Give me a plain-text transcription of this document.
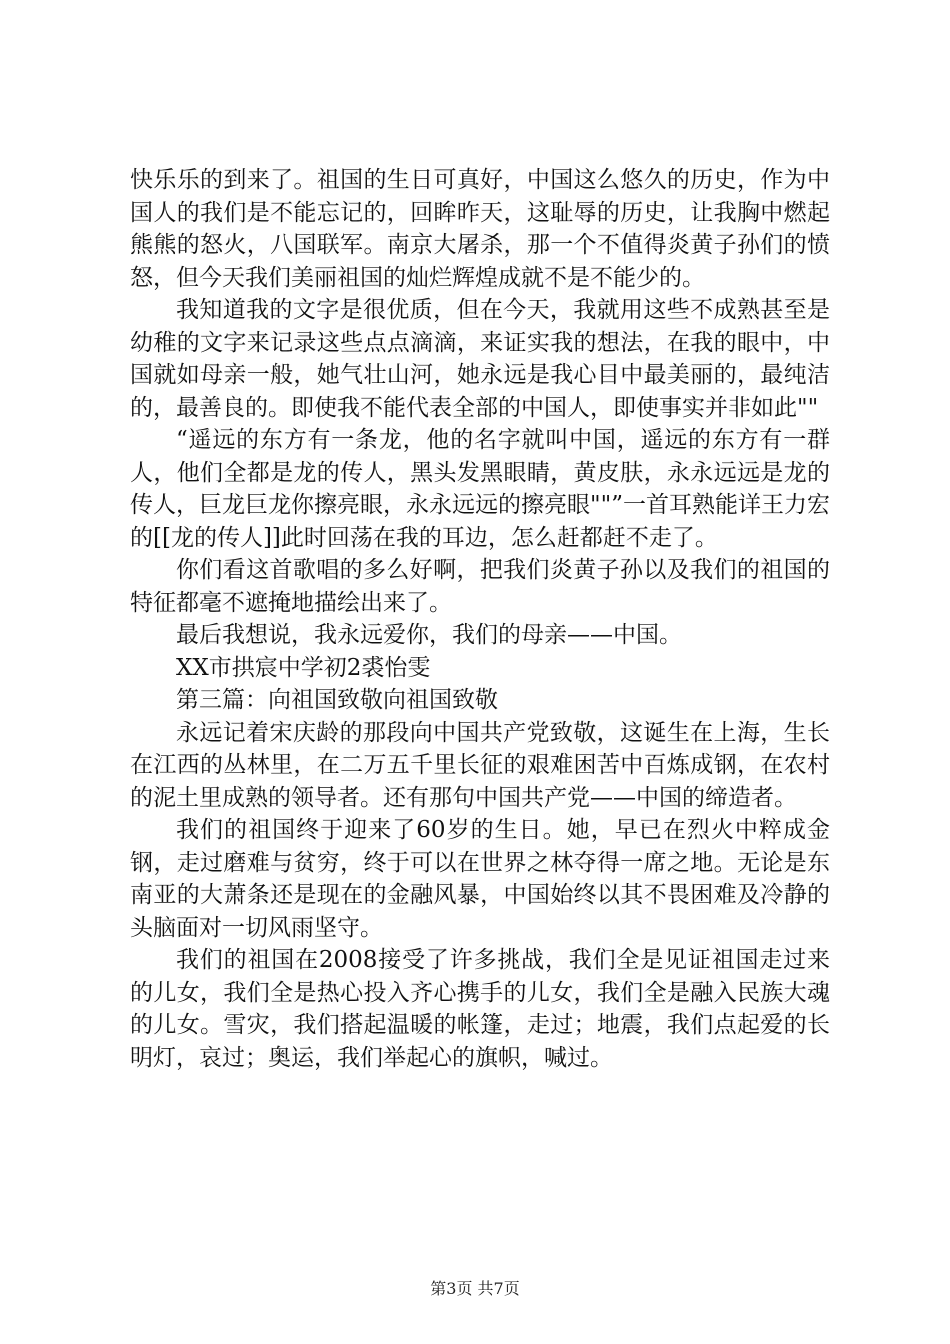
快乐乐的到来了。祖国的生日可真好，中国这么悠久的历史，作为中国人的我们是不能忘记的，回眸昨天，这耻辱的历史，让我胸中燃起熊熊的怒火，八国联军。南京大屠杀，那一个不值得炎黄子孙们的愤怒，但今天我们美丽祖国的灿烂辉煌成就不是不能少的。

我知道我的文字是很优质，但在今天，我就用这些不成熟甚至是幼稚的文字来记录这些点点滴滴，来证实我的想法，在我的眼中，中国就如母亲一般，她气壮山河，她永远是我心目中最美丽的，最纯洁的，最善良的。即使我不能代表全部的中国人，即使事实并非如此""

“遥远的东方有一条龙，他的名字就叫中国，遥远的东方有一群人，他们全都是龙的传人，黑头发黑眼睛，黄皮肤，永永远远是龙的传人，巨龙巨龙你擦亮眼，永永远远的擦亮眼""”一首耳熟能详王力宏的[[龙的传人]]此时回荡在我的耳边，怎么赶都赶不走了。

你们看这首歌唱的多么好啊，把我们炎黄子孙以及我们的祖国的特征都毫不遮掩地描绘出来了。

最后我想说，我永远爱你，我们的母亲——中国。

XX市拱宸中学初2裘怡雯

第三篇：向祖国致敬向祖国致敬

永远记着宋庆龄的那段向中国共产党致敬，这诞生在上海，生长在江西的丛林里，在二万五千里长征的艰难困苦中百炼成钢，在农村的泥土里成熟的领导者。还有那句中国共产党——中国的缔造者。

我们的祖国终于迎来了60岁的生日。她，早已在烈火中粹成金钢，走过磨难与贫穷，终于可以在世界之林夺得一席之地。无论是东南亚的大萧条还是现在的金融风暴，中国始终以其不畏困难及冷静的头脑面对一切风雨坚守。

我们的祖国在2008接受了许多挑战，我们全是见证祖国走过来的儿女，我们全是热心投入齐心携手的儿女，我们全是融入民族大魂的儿女。雪灾，我们搭起温暖的帐篷，走过；地震，我们点起爱的长明灯，哀过；奥运，我们举起心的旗帜，喊过。

第3页 共7页
